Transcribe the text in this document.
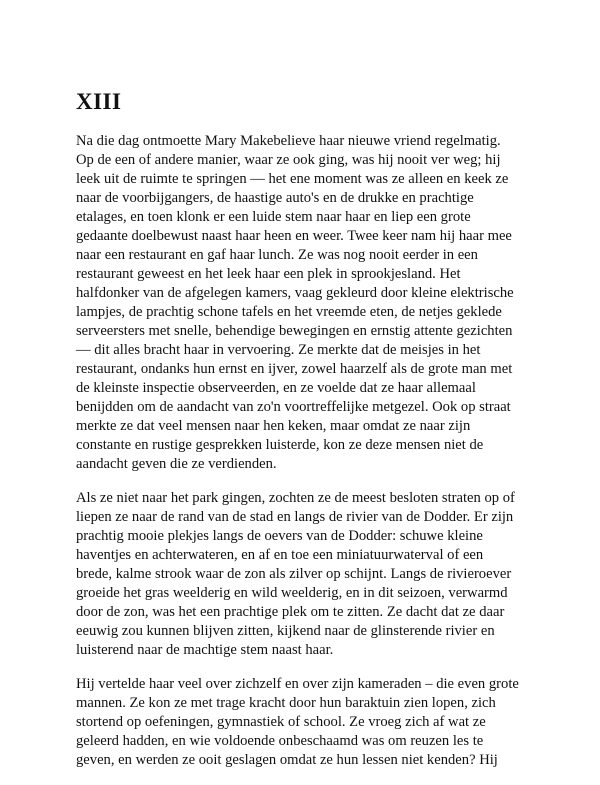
XIII

Na die dag ontmoette Mary Makebelieve haar nieuwe vriend regelmatig.
Op de een of andere manier, waar ze ook ging, was hij nooit ver weg; hij
leek uit de ruimte te springen — het ene moment was ze alleen en keek ze
naar de voorbijgangers, de haastige auto's en de drukke en prachtige
etalages, en toen klonk er een luide stem naar haar en liep een grote
gedaante doelbewust naast haar heen en weer. Twee keer nam hij haar mee
naar een restaurant en gaf haar lunch. Ze was nog nooit eerder in een
restaurant geweest en het leek haar een plek in sprookjesland. Het
halfdonker van de afgelegen kamers, vaag gekleurd door kleine elektrische
lampjes, de prachtig schone tafels en het vreemde eten, de netjes geklede
serveersters met snelle, behendige bewegingen en ernstig attente gezichten
— dit alles bracht haar in vervoering. Ze merkte dat de meisjes in het
restaurant, ondanks hun ernst en ijver, zowel haarzelf als de grote man met
de kleinste inspectie observeerden, en ze voelde dat ze haar allemaal
benijdden om de aandacht van zo'n voortreffelijke metgezel. Ook op straat
merkte ze dat veel mensen naar hen keken, maar omdat ze naar zijn
constante en rustige gesprekken luisterde, kon ze deze mensen niet de
aandacht geven die ze verdienden.

Als ze niet naar het park gingen, zochten ze de meest besloten straten op of
liepen ze naar de rand van de stad en langs de rivier van de Dodder. Er zijn
prachtig mooie plekjes langs de oevers van de Dodder: schuwe kleine
haventjes en achterwateren, en af en toe een miniatuurwaterval of een
brede, kalme strook waar de zon als zilver op schijnt. Langs de rivieroever
groeide het gras weelderig en wild weelderig, en in dit seizoen, verwarmd
door de zon, was het een prachtige plek om te zitten. Ze dacht dat ze daar
eeuwig zou kunnen blijven zitten, kijkend naar de glinsterende rivier en
luisterend naar de machtige stem naast haar.

Hij vertelde haar veel over zichzelf en over zijn kameraden – die even grote
mannen. Ze kon ze met trage kracht door hun baraktuin zien lopen, zich
stortend op oefeningen, gymnastiek of school. Ze vroeg zich af wat ze
geleerd hadden, en wie voldoende onbeschaamd was om reuzen les te
geven, en werden ze ooit geslagen omdat ze hun lessen niet kenden? Hij
